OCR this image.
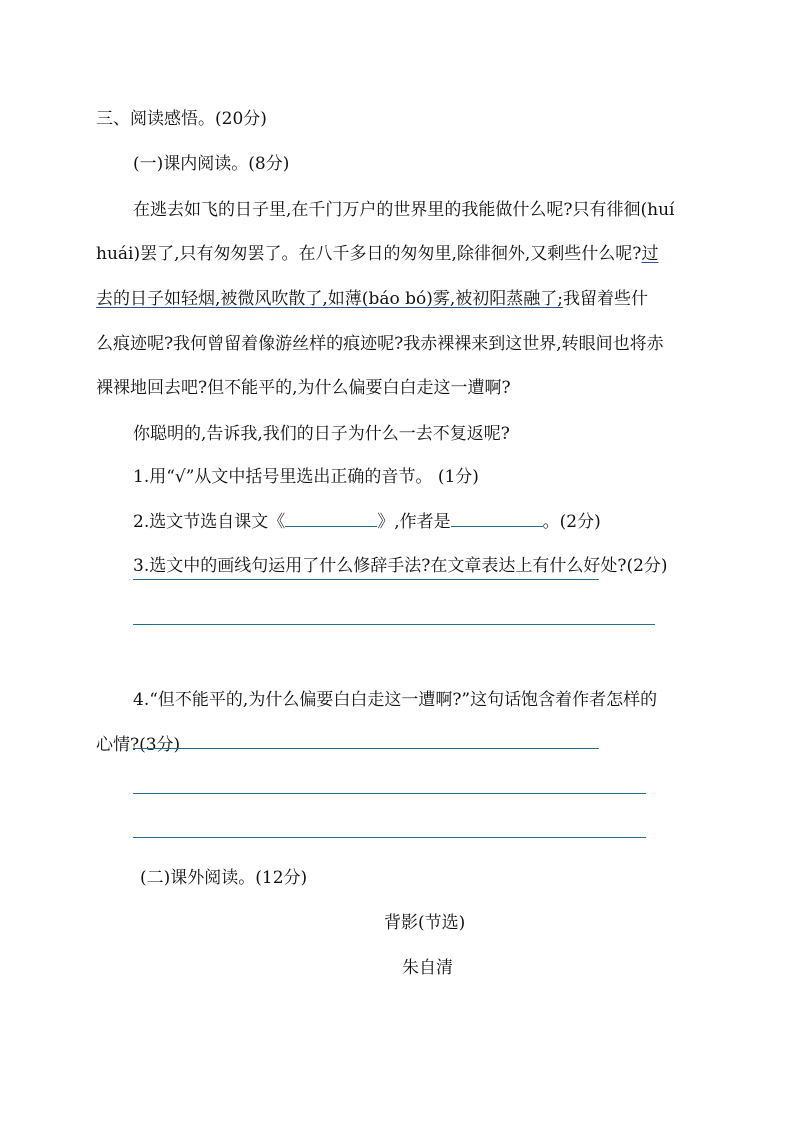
三、阅读感悟。(20分)
(一)课内阅读。(8分)
在逃去如飞的日子里,在千门万户的世界里的我能做什么呢?只有徘徊(huí
huái)罢了,只有匆匆罢了。在八千多日的匆匆里,除徘徊外,又剩些什么呢?过
去的日子如轻烟,被微风吹散了,如薄(báo bó)雾,被初阳蒸融了;我留着些什
么痕迹呢?我何曾留着像游丝样的痕迹呢?我赤裸裸来到这世界,转眼间也将赤
裸裸地回去吧?但不能平的,为什么偏要白白走这一遭啊?
你聪明的,告诉我,我们的日子为什么一去不复返呢?
1.用“√”从文中括号里选出正确的音节。 (1分)
2.选文节选自课文《	》,作者是	。(2分)
3.选文中的画线句运用了什么修辞手法?在文章表达上有什么好处?(2分)
4.“但不能平的,为什么偏要白白走这一遭啊?”这句话饱含着作者怎样的
心情?(3分)
(二)课外阅读。(12分)
背影(节选)
朱自清
